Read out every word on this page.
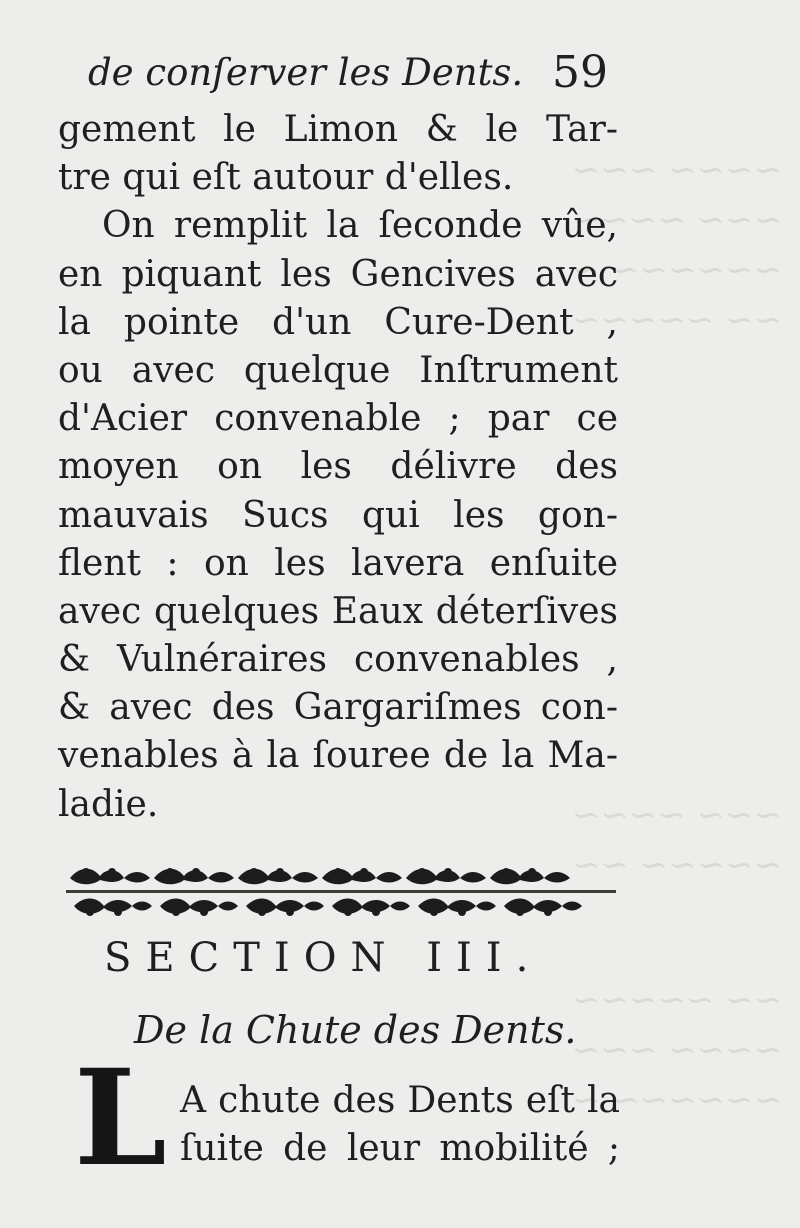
~~~~ ~~~
~~~ ~~~~
~~~~~~ ~
~~ ~~~~~
~~~ ~~~~
~~~~~ ~~
~~ ~~~~~
~~~~ ~~~
~~~~~~ ~
de conſerver les Dents. 59
gement le Limon & le Tar-
tre qui eſt autour d'elles.
On remplit la ſeconde vûe,
en piquant les Gencives avec
la pointe d'un Cure-Dent ,
ou avec quelque Inſtrument
d'Acier convenable ; par ce
moyen on les délivre des
mauvais Sucs qui les gon-
flent : on les lavera enſuite
avec quelques Eaux déterſives
& Vulnéraires convenables ,
& avec des Gargariſmes con-
venables à la ſouree de la Ma-
ladie.
SECTION III.
De la Chute des Dents.
L A chute des Dents eſt la
ſuite de leur mobilité ;
